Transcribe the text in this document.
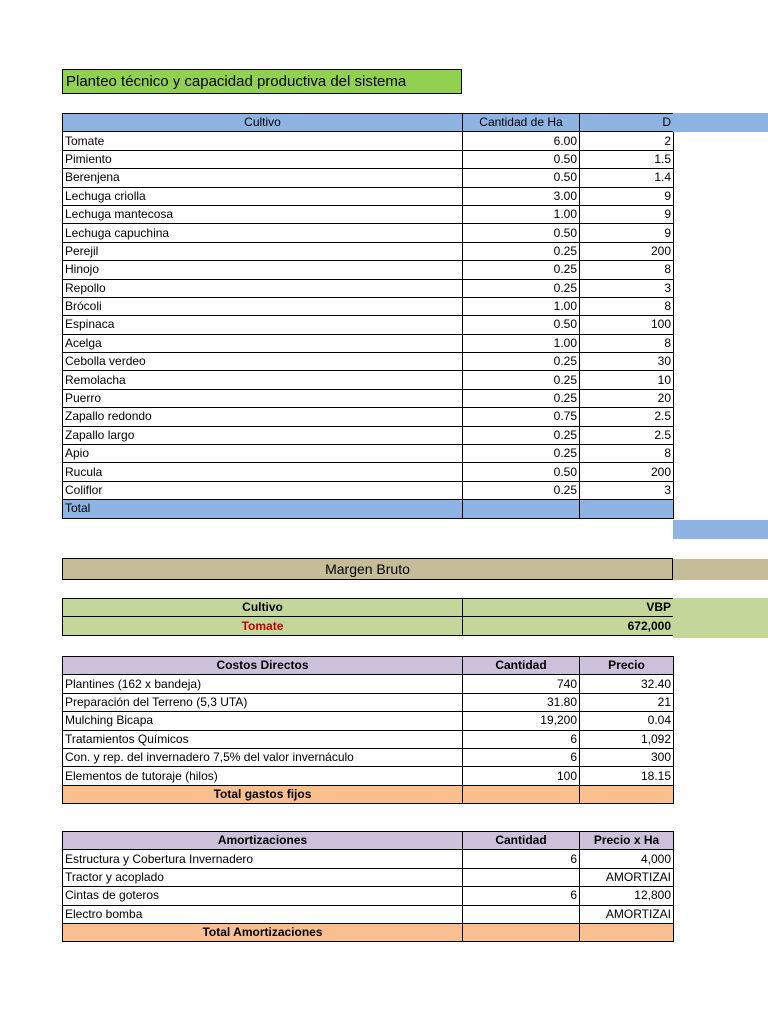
Planteo técnico y capacidad productiva del sistema
Cultivo	Cantidad de Ha	D
Tomate	6.00	2
Pimiento	0.50	1.5
Berenjena	0.50	1.4
Lechuga criolla	3.00	9
Lechuga mantecosa	1.00	9
Lechuga capuchina	0.50	9
Perejil	0.25	200
Hinojo	0.25	8
Repollo	0.25	3
Brócoli	1.00	8
Espinaca	0.50	100
Acelga	1.00	8
Cebolla verdeo	0.25	30
Remolacha	0.25	10
Puerro	0.25	20
Zapallo redondo	0.75	2.5
Zapallo largo	0.25	2.5
Apio	0.25	8
Rucula	0.50	200
Coliflor	0.25	3
Total		
Margen Bruto
Cultivo	VBP
Tomate	672,000
Costos Directos	Cantidad	Precio
Plantines (162 x bandeja)	740	32.40
Preparación del Terreno (5,3 UTA)	31.80	21
Mulching Bicapa	19,200	0.04
Tratamientos Químicos	6	1,092
Con. y rep. del invernadero 7,5% del valor invernáculo	6	300
Elementos de tutoraje (hilos)	100	18.15
Total gastos fijos		
Amortizaciones	Cantidad	Precio x Ha
Estructura y Cobertura Invernadero	6	4,000
Tractor y acoplado		AMORTIZAI
Cintas de goteros	6	12,800
Electro bomba		AMORTIZAI
Total Amortizaciones		
